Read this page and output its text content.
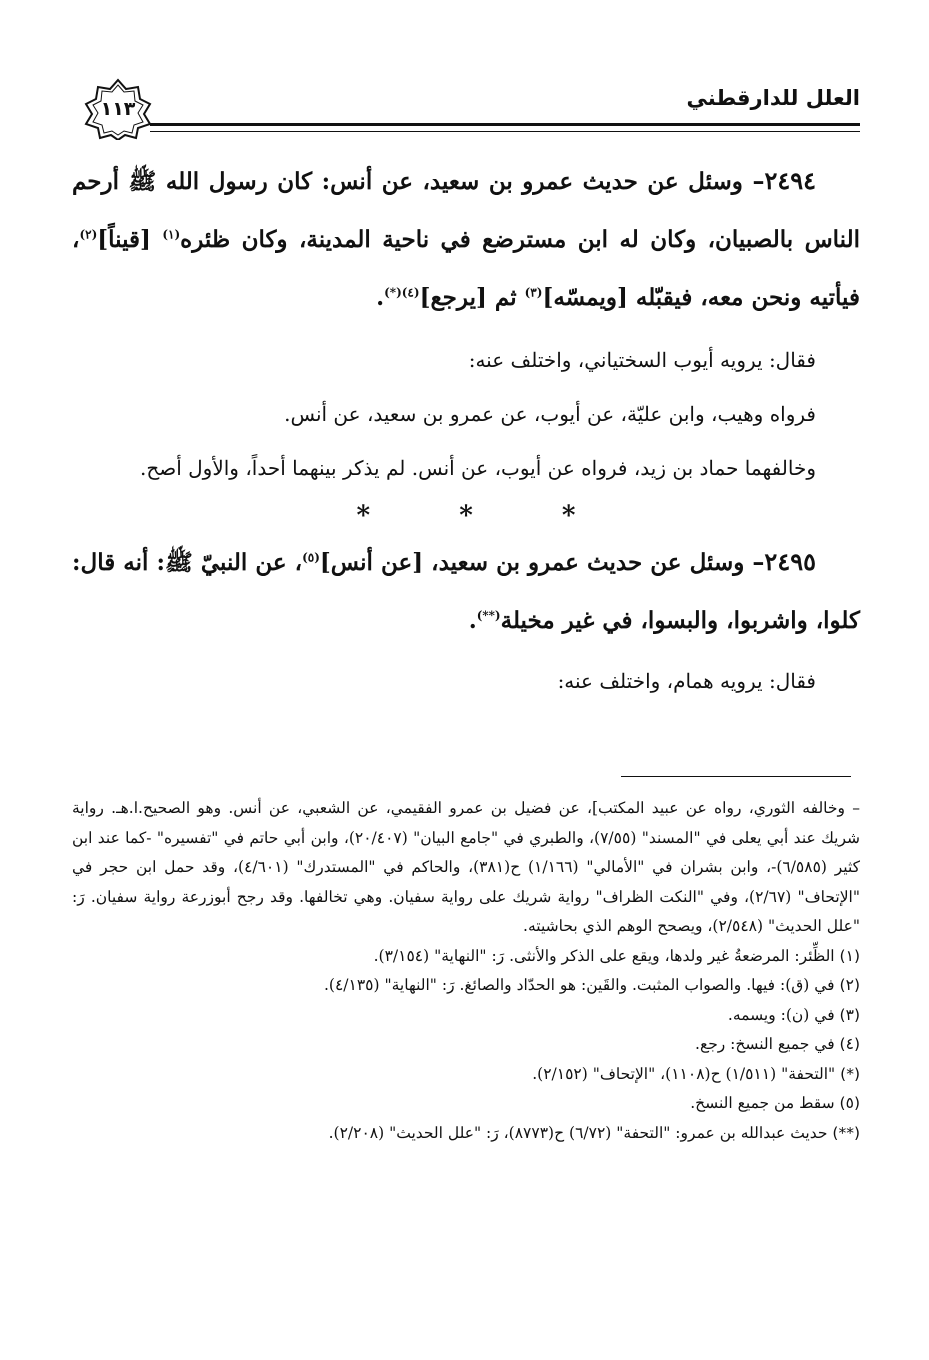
العلل للدارقطني
١١٣

٢٤٩٤– وسئل عن حديث عمرو بن سعيد، عن أنس: كان رسول الله ﷺ أرحم الناس بالصبيان، وكان له ابن مسترضع في ناحية المدينة، وكان ظئره$^{(١)}$ [قيناً]$^{(٢)}$، فيأتيه ونحن معه، فيقبّله [ويمسّه]$^{(٣)}$ ثم [يرجع]$^{(٤)(*)}$.

فقال: يرويه أيوب السختياني، واختلف عنه:

فرواه وهيب، وابن عليّة، عن أيوب، عن عمرو بن سعيد، عن أنس.

وخالفهما حماد بن زيد، فرواه عن أيوب، عن أنس. لم يذكر بينهما أحداً، والأول أصح.

* * *

٢٤٩٥– وسئل عن حديث عمرو بن سعيد، [عن أنس]$^{(٥)}$، عن النبيّ ﷺ: أنه قال: كلوا، واشربوا، والبسوا، في غير مخيلة(**).

فقال: يرويه همام، واختلف عنه:

– وخالفه الثوري، رواه عن عبيد المكتب]، عن فضيل بن عمرو الفقيمي، عن الشعبي، عن أنس. وهو الصحيح.ا.هـ. رواية شريك عند أبي يعلى في "المسند" (٧/٥٥)، والطبري في "جامع البيان" (٢٠/٤٠٧)، وابن أبي حاتم في "تفسيره" -كما عند ابن كثير (٦/٥٨٥)-، وابن بشران في "الأمالي" (١/١٦٦) ح(٣٨١)، والحاكم في "المستدرك" (٤/٦٠١)، وقد حمل ابن حجر في "الإتحاف" (٢/٦٧)، وفي "النكت الظراف" رواية شريك على رواية سفيان. وهي تخالفها. وقد رجح أبوزرعة رواية سفيان. رَ: "علل الحديث" (٢/٥٤٨)، ويصحح الوهم الذي بحاشيته.

(١) الظِّئر: المرضعةُ غير ولدها، ويقع على الذكر والأنثى. رَ: "النهاية" (٣/١٥٤).

(٢) في (ق): فيها. والصواب المثبت. والقَين: هو الحدّاد والصائغ. رَ: "النهاية" (٤/١٣٥).

(٣) في (ن): ويسمه.

(٤) في جميع النسخ: رجع.

(*) "التحفة" (١/٥١١) ح(١١٠٨)، "الإتحاف" (٢/١٥٢).

(٥) سقط من جميع النسخ.

(**) حديث عبدالله بن عمرو: "التحفة" (٦/٧٢) ح(٨٧٧٣)، رَ: "علل الحديث" (٢/٢٠٨).
